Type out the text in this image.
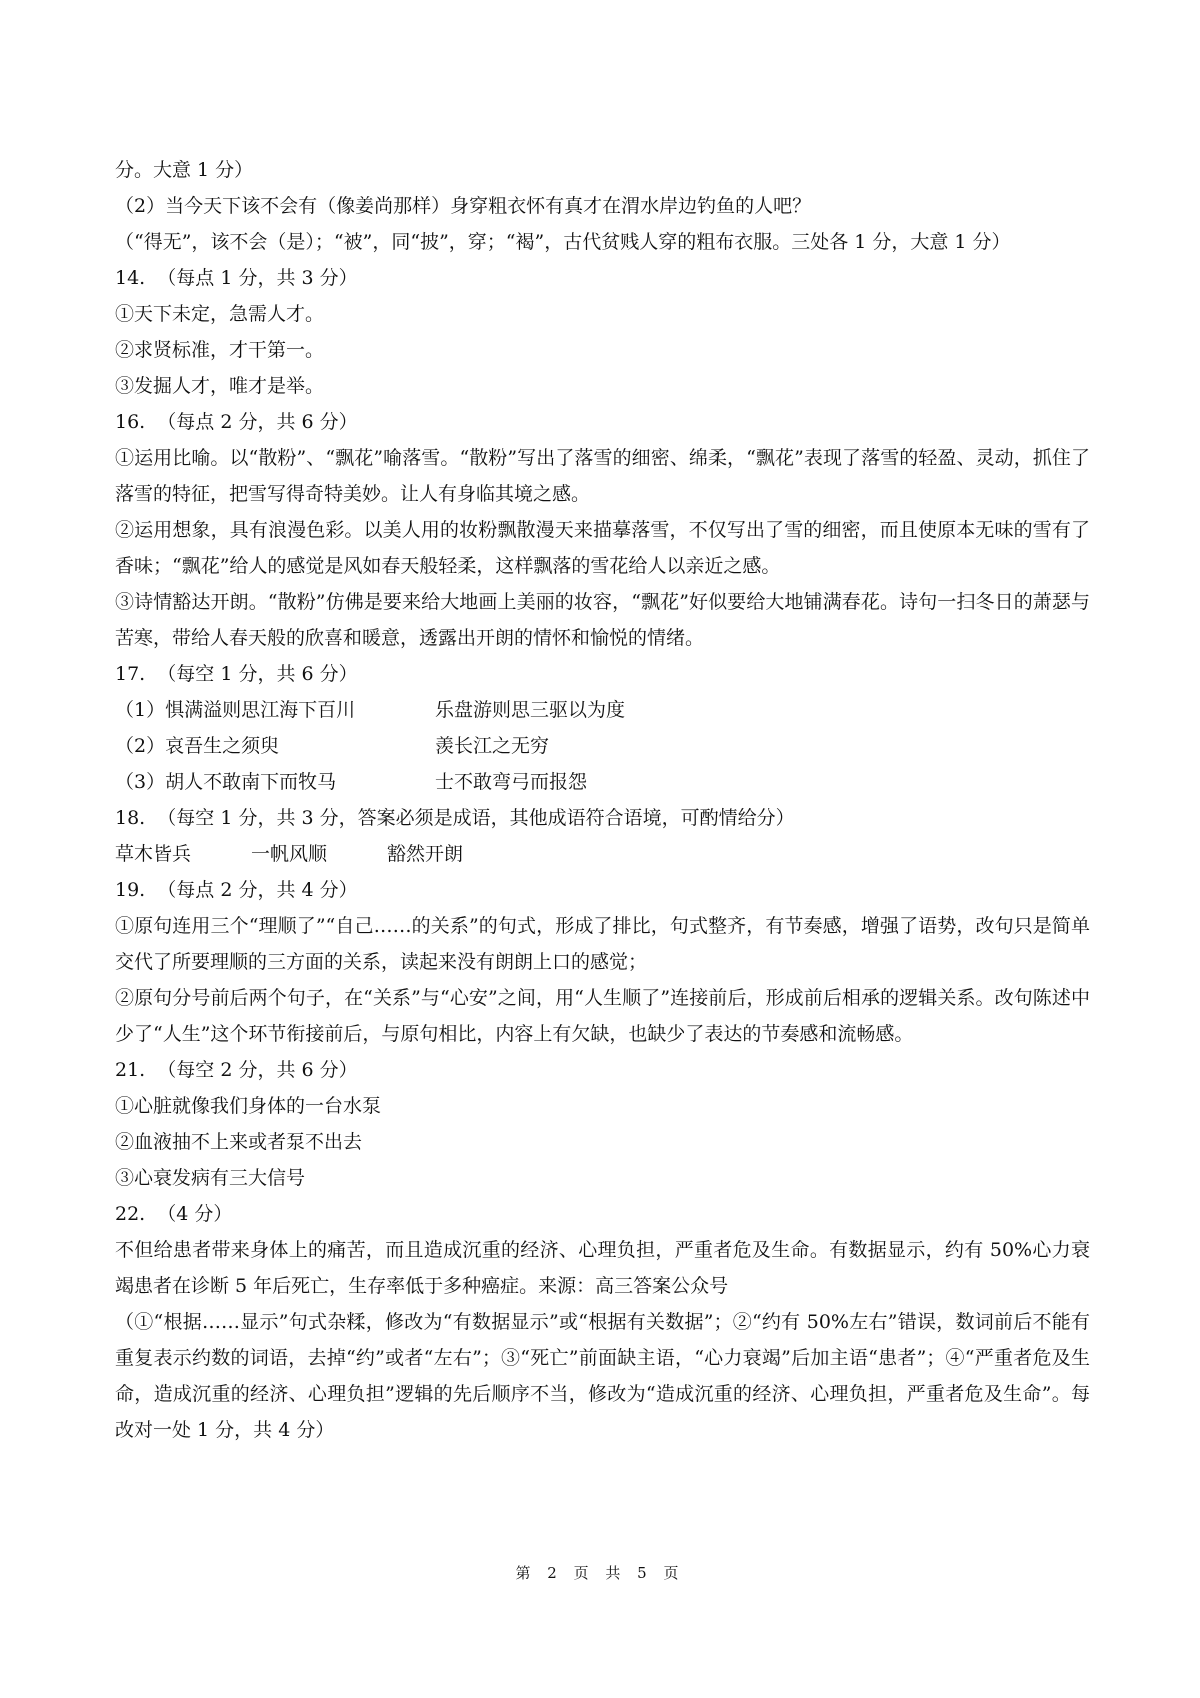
分。大意 1 分）
（2）当今天下该不会有（像姜尚那样）身穿粗衣怀有真才在渭水岸边钓鱼的人吧？
（“得无”，该不会（是）；“被”，同“披”，穿；“褐”，古代贫贱人穿的粗布衣服。三处各 1 分，大意 1 分）
14.  （每点 1 分，共 3 分）
①天下未定，急需人才。
②求贤标准，才干第一。
③发掘人才，唯才是举。
16.  （每点 2 分，共 6 分）
①运用比喻。以“散粉”、“飘花”喻落雪。“散粉”写出了落雪的细密、绵柔，“飘花”表现了落雪的轻盈、灵动，抓住了落雪的特征，把雪写得奇特美妙。让人有身临其境之感。
②运用想象，具有浪漫色彩。以美人用的妆粉飘散漫天来描摹落雪，不仅写出了雪的细密，而且使原本无味的雪有了香味；“飘花”给人的感觉是风如春天般轻柔，这样飘落的雪花给人以亲近之感。
③诗情豁达开朗。“散粉”仿佛是要来给大地画上美丽的妆容，“飘花”好似要给大地铺满春花。诗句一扫冬日的萧瑟与苦寒，带给人春天般的欣喜和暖意，透露出开朗的情怀和愉悦的情绪。
17.  （每空 1 分，共 6 分）
（1）惧满溢则思江海下百川	乐盘游则思三驱以为度
（2）哀吾生之须臾	羡长江之无穷
（3）胡人不敢南下而牧马	士不敢弯弓而报怨
18.  （每空 1 分，共 3 分，答案必须是成语，其他成语符合语境，可酌情给分）
草木皆兵	一帆风顺	豁然开朗
19.  （每点 2 分，共 4 分）
①原句连用三个“理顺了”“自己……的关系”的句式，形成了排比，句式整齐，有节奏感，增强了语势，改句只是简单交代了所要理顺的三方面的关系，读起来没有朗朗上口的感觉；
②原句分号前后两个句子，在“关系”与“心安”之间，用“人生顺了”连接前后，形成前后相承的逻辑关系。改句陈述中少了“人生”这个环节衔接前后，与原句相比，内容上有欠缺，也缺少了表达的节奏感和流畅感。
21.  （每空 2 分，共 6 分）
①心脏就像我们身体的一台水泵
②血液抽不上来或者泵不出去
③心衰发病有三大信号
22.  （4 分）
不但给患者带来身体上的痛苦，而且造成沉重的经济、心理负担，严重者危及生命。有数据显示，约有 50%心力衰竭患者在诊断 5 年后死亡，生存率低于多种癌症。来源：高三答案公众号
（①“根据……显示”句式杂糅，修改为“有数据显示”或“根据有关数据”；②“约有 50%左右”错误，数词前后不能有重复表示约数的词语，去掉“约”或者“左右”；③“死亡”前面缺主语，“心力衰竭”后加主语“患者”；④“严重者危及生命，造成沉重的经济、心理负担”逻辑的先后顺序不当，修改为“造成沉重的经济、心理负担，严重者危及生命”。每改对一处 1 分，共 4 分）
第 2 页 共 5 页
